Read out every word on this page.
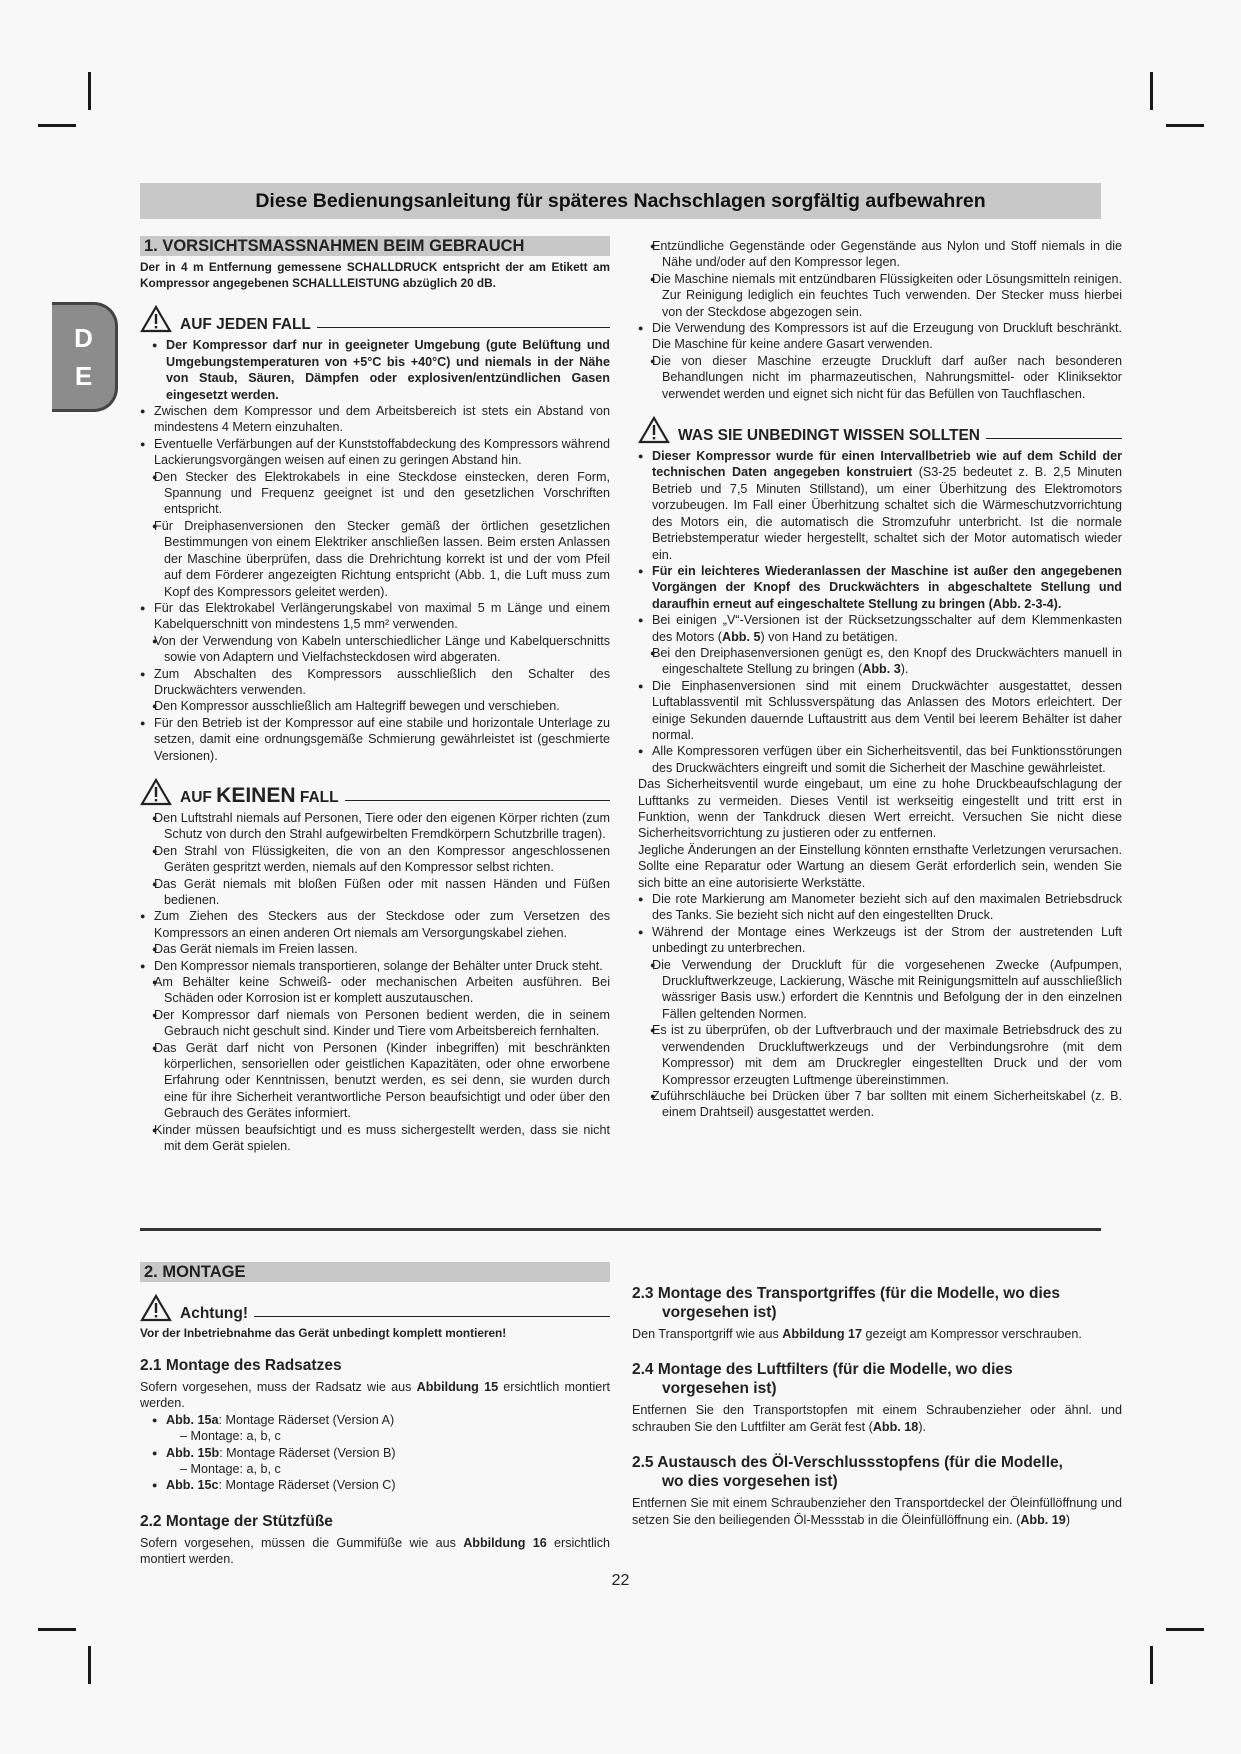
Diese Bedienungsanleitung für späteres Nachschlagen sorgfältig aufbewahren
D
E
1. VORSICHTSMASSNAHMEN BEIM GEBRAUCH

Der in 4 m Entfernung gemessene SCHALLDRUCK entspricht der am Etikett am Kompressor angegebenen SCHALLLEISTUNG abzüglich 20 dB.

AUF JEDEN FALL
● Der Kompressor darf nur in geeigneter Umgebung (gute Belüftung und Umgebungstemperaturen von +5°C bis +40°C) und niemals in der Nähe von Staub, Säuren, Dämpfen oder explosiven/entzündlichen Gasen eingesetzt werden.
● Zwischen dem Kompressor und dem Arbeitsbereich ist stets ein Abstand von mindestens 4 Metern einzuhalten.
● Eventuelle Verfärbungen auf der Kunststoffabdeckung des Kompressors während Lackierungsvorgängen weisen auf einen zu geringen Abstand hin.
● Den Stecker des Elektrokabels in eine Steckdose einstecken, deren Form, Spannung und Frequenz geeignet ist und den gesetzlichen Vorschriften entspricht.
● Für Dreiphasenversionen den Stecker gemäß der örtlichen gesetzlichen Bestimmungen von einem Elektriker anschließen lassen. Beim ersten Anlassen der Maschine überprüfen, dass die Drehrichtung korrekt ist und der vom Pfeil auf dem Förderer angezeigten Richtung entspricht (Abb. 1, die Luft muss zum Kopf des Kompressors geleitet werden).
● Für das Elektrokabel Verlängerungskabel von maximal 5 m Länge und einem Kabelquerschnitt von mindestens 1,5 mm² verwenden.
● Von der Verwendung von Kabeln unterschiedlicher Länge und Kabelquerschnitts sowie von Adaptern und Vielfachsteckdosen wird abgeraten.
● Zum Abschalten des Kompressors ausschließlich den Schalter des Druckwächters verwenden.
● Den Kompressor ausschließlich am Haltegriff bewegen und verschieben.
● Für den Betrieb ist der Kompressor auf eine stabile und horizontale Unterlage zu setzen, damit eine ordnungsgemäße Schmierung gewährleistet ist (geschmierte Versionen).
AUF KEINEN FALL
● Den Luftstrahl niemals auf Personen, Tiere oder den eigenen Körper richten (zum Schutz von durch den Strahl aufgewirbelten Fremdkörpern Schutzbrille tragen).
● Den Strahl von Flüssigkeiten, die von an den Kompressor angeschlossenen Geräten gespritzt werden, niemals auf den Kompressor selbst richten.
● Das Gerät niemals mit bloßen Füßen oder mit nassen Händen und Füßen bedienen.
● Zum Ziehen des Steckers aus der Steckdose oder zum Versetzen des Kompressors an einen anderen Ort niemals am Versorgungskabel ziehen.
● Das Gerät niemals im Freien lassen.
● Den Kompressor niemals transportieren, solange der Behälter unter Druck steht.
● Am Behälter keine Schweiß- oder mechanischen Arbeiten ausführen. Bei Schäden oder Korrosion ist er komplett auszutauschen.
● Der Kompressor darf niemals von Personen bedient werden, die in seinem Gebrauch nicht geschult sind. Kinder und Tiere vom Arbeitsbereich fernhalten.
● Das Gerät darf nicht von Personen (Kinder inbegriffen) mit beschränkten körperlichen, sensoriellen oder geistlichen Kapazitäten, oder ohne erworbene Erfahrung oder Kenntnissen, benutzt werden, es sei denn, sie wurden durch eine für ihre Sicherheit verantwortliche Person beaufsichtigt und oder über den Gebrauch des Gerätes informiert.
● Kinder müssen beaufsichtigt und es muss sichergestellt werden, dass sie nicht mit dem Gerät spielen.
● Entzündliche Gegenstände oder Gegenstände aus Nylon und Stoff niemals in die Nähe und/oder auf den Kompressor legen.
● Die Maschine niemals mit entzündbaren Flüssigkeiten oder Lösungsmitteln reinigen. Zur Reinigung lediglich ein feuchtes Tuch verwenden. Der Stecker muss hierbei von der Steckdose abgezogen sein.
● Die Verwendung des Kompressors ist auf die Erzeugung von Druckluft beschränkt. Die Maschine für keine andere Gasart verwenden.
● Die von dieser Maschine erzeugte Druckluft darf außer nach besonderen Behandlungen nicht im pharmazeutischen, Nahrungsmittel- oder Kliniksektor verwendet werden und eignet sich nicht für das Befüllen von Tauchflaschen.
WAS SIE UNBEDINGT WISSEN SOLLTEN
● Dieser Kompressor wurde für einen Intervallbetrieb wie auf dem Schild der technischen Daten angegeben konstruiert (S3-25 bedeutet z. B. 2,5 Minuten Betrieb und 7,5 Minuten Stillstand), um einer Überhitzung des Elektromotors vorzubeugen. Im Fall einer Überhitzung schaltet sich die Wärmeschutzvorrichtung des Motors ein, die automatisch die Stromzufuhr unterbricht. Ist die normale Betriebstemperatur wieder hergestellt, schaltet sich der Motor automatisch wieder ein.
● Für ein leichteres Wiederanlassen der Maschine ist außer den angegebenen Vorgängen der Knopf des Druckwächters in abgeschaltete Stellung und daraufhin erneut auf eingeschaltete Stellung zu bringen (Abb. 2-3-4).
● Bei einigen „V“-Versionen ist der Rücksetzungsschalter auf dem Klemmenkasten des Motors (Abb. 5) von Hand zu betätigen.
● Bei den Dreiphasenversionen genügt es, den Knopf des Druckwächters manuell in eingeschaltete Stellung zu bringen (Abb. 3).
● Die Einphasenversionen sind mit einem Druckwächter ausgestattet, dessen Luftablassventil mit Schlussverspätung das Anlassen des Motors erleichtert. Der einige Sekunden dauernde Luftaustritt aus dem Ventil bei leerem Behälter ist daher normal.
● Alle Kompressoren verfügen über ein Sicherheitsventil, das bei Funktionsstörungen des Druckwächters eingreift und somit die Sicherheit der Maschine gewährleistet.

Das Sicherheitsventil wurde eingebaut, um eine zu hohe Druckbeaufschlagung der Lufttanks zu vermeiden. Dieses Ventil ist werkseitig eingestellt und tritt erst in Funktion, wenn der Tankdruck diesen Wert erreicht. Versuchen Sie nicht diese Sicherheitsvorrichtung zu justieren oder zu entfernen.

Jegliche Änderungen an der Einstellung könnten ernsthafte Verletzungen verursachen. Sollte eine Reparatur oder Wartung an diesem Gerät erforderlich sein, wenden Sie sich bitte an eine autorisierte Werkstätte.

● Die rote Markierung am Manometer bezieht sich auf den maximalen Betriebsdruck des Tanks. Sie bezieht sich nicht auf den eingestellten Druck.
● Während der Montage eines Werkzeugs ist der Strom der austretenden Luft unbedingt zu unterbrechen.
● Die Verwendung der Druckluft für die vorgesehenen Zwecke (Aufpumpen, Druckluftwerkzeuge, Lackierung, Wäsche mit Reinigungsmitteln auf ausschließlich wässriger Basis usw.) erfordert die Kenntnis und Befolgung der in den einzelnen Fällen geltenden Normen.
● Es ist zu überprüfen, ob der Luftverbrauch und der maximale Betriebsdruck des zu verwendenden Druckluftwerkzeugs und der Verbindungsrohre (mit dem Kompressor) mit dem am Druckregler eingestellten Druck und der vom Kompressor erzeugten Luftmenge übereinstimmen.
● Zuführschläuche bei Drücken über 7 bar sollten mit einem Sicherheitskabel (z. B. einem Drahtseil) ausgestattet werden.
2. MONTAGE
Achtung!

Vor der Inbetriebnahme das Gerät unbedingt komplett montieren!

2.1 Montage des Radsatzes

Sofern vorgesehen, muss der Radsatz wie aus Abbildung 15 ersichtlich montiert werden.

● Abb. 15a: Montage Räderset (Version A)
– Montage: a, b, c
● Abb. 15b: Montage Räderset (Version B)
– Montage: a, b, c
● Abb. 15c: Montage Räderset (Version C)
2.2 Montage der Stützfüße

Sofern vorgesehen, müssen die Gummifüße wie aus Abbildung 16 ersichtlich montiert werden.

2.3 Montage des Transportgriffes (für die Modelle, wo dies
vorgesehen ist)

Den Transportgriff wie aus Abbildung 17 gezeigt am Kompressor verschrauben.

2.4 Montage des Luftfilters (für die Modelle, wo dies
vorgesehen ist)

Entfernen Sie den Transportstopfen mit einem Schraubenzieher oder ähnl. und schrauben Sie den Luftfilter am Gerät fest (Abb. 18).

2.5 Austausch des Öl-Verschlussstopfens (für die Modelle,
wo dies vorgesehen ist)

Entfernen Sie mit einem Schraubenzieher den Transportdeckel der Öleinfüllöffnung und setzen Sie den beiliegenden Öl-Messstab in die Öleinfüllöffnung ein. (Abb. 19)

22
